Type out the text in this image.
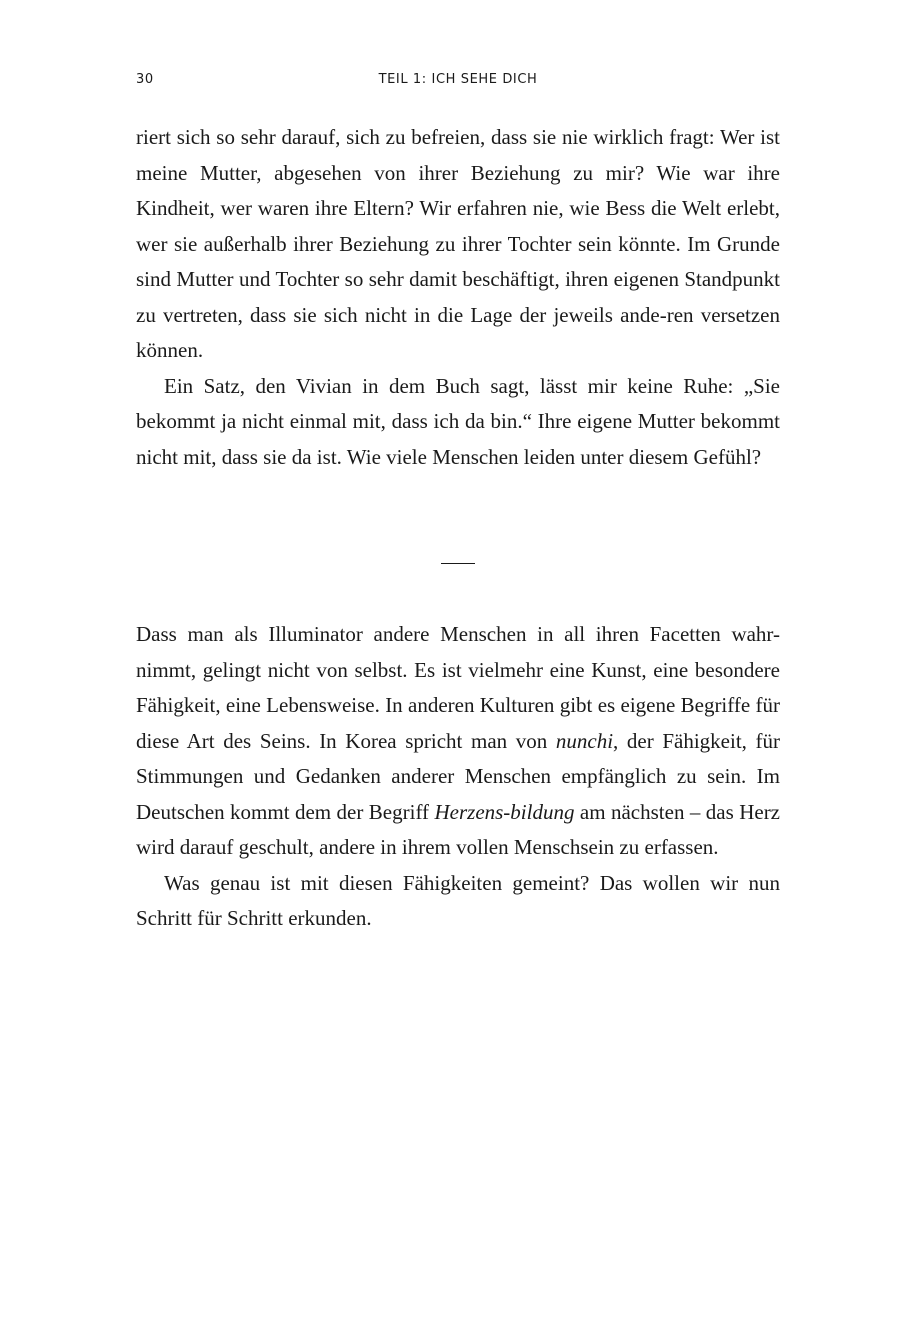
30	TEIL 1: ICH SEHE DICH

riert sich so sehr darauf, sich zu befreien, dass sie nie wirklich fragt: Wer ist meine Mutter, abgesehen von ihrer Beziehung zu mir? Wie war ihre Kindheit, wer waren ihre Eltern? Wir erfahren nie, wie Bess die Welt erlebt, wer sie außerhalb ihrer Beziehung zu ihrer Tochter sein könnte. Im Grunde sind Mutter und Tochter so sehr damit beschäftigt, ihren eigenen Standpunkt zu vertreten, dass sie sich nicht in die Lage der jeweils ande-ren versetzen können.

Ein Satz, den Vivian in dem Buch sagt, lässt mir keine Ruhe: „Sie bekommt ja nicht einmal mit, dass ich da bin.“ Ihre eigene Mutter bekommt nicht mit, dass sie da ist. Wie viele Menschen leiden unter diesem Gefühl?

Dass man als Illuminator andere Menschen in all ihren Facetten wahr-nimmt, gelingt nicht von selbst. Es ist vielmehr eine Kunst, eine besondere Fähigkeit, eine Lebensweise. In anderen Kulturen gibt es eigene Begriffe für diese Art des Seins. In Korea spricht man von nunchi, der Fähigkeit, für Stimmungen und Gedanken anderer Menschen empfänglich zu sein. Im Deutschen kommt dem der Begriff Herzens-bildung am nächsten – das Herz wird darauf geschult, andere in ihrem vollen Menschsein zu erfassen.

Was genau ist mit diesen Fähigkeiten gemeint? Das wollen wir nun Schritt für Schritt erkunden.
